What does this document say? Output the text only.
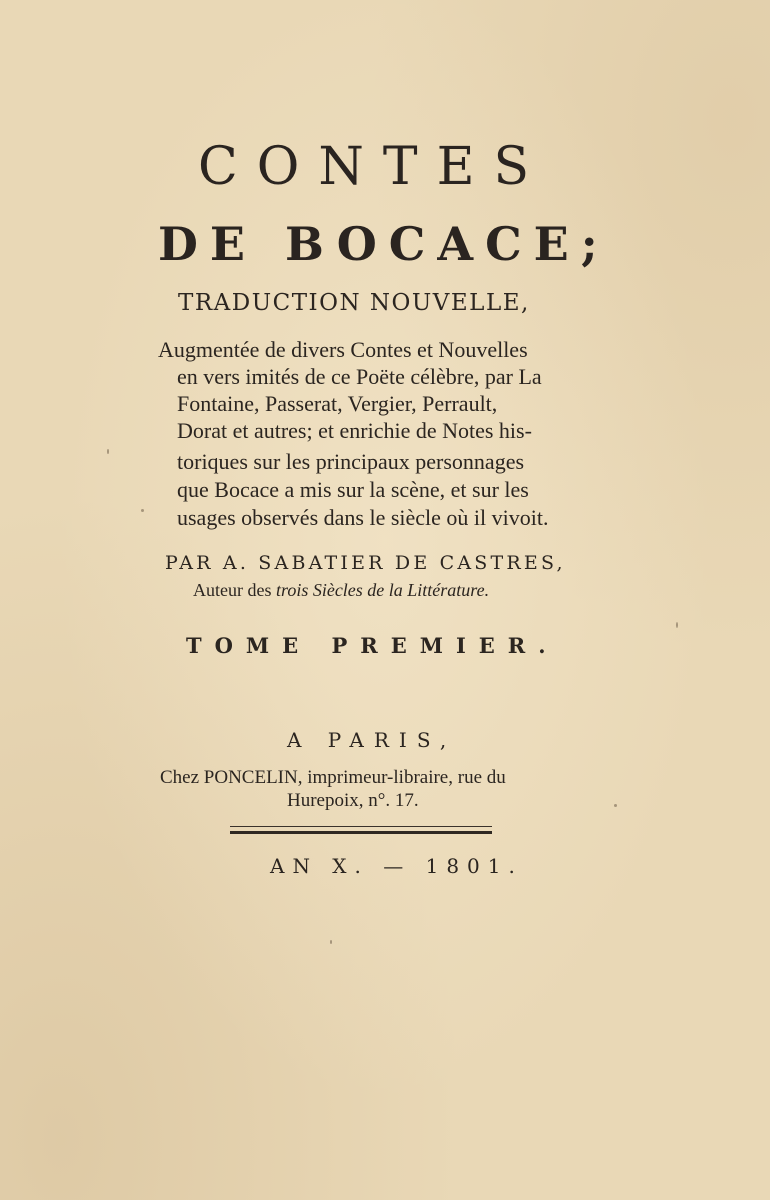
CONTES
DE BOCACE;
TRADUCTION NOUVELLE,
Augmentée de divers Contes et Nouvelles
en vers imités de ce Poëte célèbre, par La
Fontaine, Passerat, Vergier, Perrault,
Dorat et autres; et enrichie de Notes his-
toriques sur les principaux personnages
que Bocace a mis sur la scène, et sur les
usages observés dans le siècle où il vivoit.
PAR A. SABATIER DE CASTRES,
Auteur des trois Siècles de la Littérature.
TOME PREMIER.
A PARIS,
Chez PONCELIN, imprimeur-libraire, rue du
Hurepoix, n°. 17.
AN X. — 1801.
